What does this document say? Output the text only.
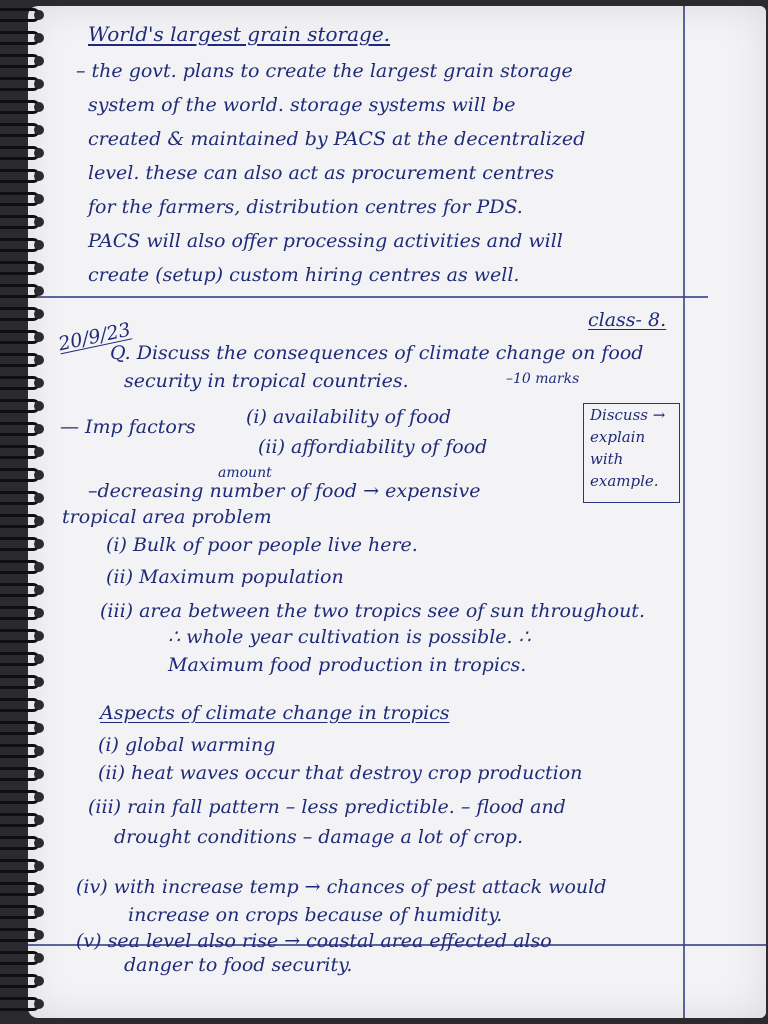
World's largest grain storage.
– the govt. plans to create the largest grain storage
system of the world. storage systems will be
created & maintained by PACS at the decentralized
level. these can also act as procurement centres
for the farmers, distribution centres for PDS.
PACS will also offer processing activities and will
create (setup) custom hiring centres as well.
20/9/23	class- 8.
Q. Discuss the consequences of climate change on food
security in tropical countries.	–10 marks
— Imp factors	(i) availability of food
(ii) affordiability of food
Discuss →
explain
with
example.
amount
–decreasing number of food → expensive
tropical area problem
(i) Bulk of poor people live here.
(ii) Maximum population
(iii) area between the two tropics see of sun throughout.
∴ whole year cultivation is possible. ∴
Maximum food production in tropics.
Aspects of climate change in tropics
(i) global warming
(ii) heat waves occur that destroy crop production
(iii) rain fall pattern – less predictible. – flood and
drought conditions – damage a lot of crop.
(iv) with increase temp → chances of pest attack would
increase on crops because of humidity.
(v) sea level also rise → coastal area effected also
danger to food security.
